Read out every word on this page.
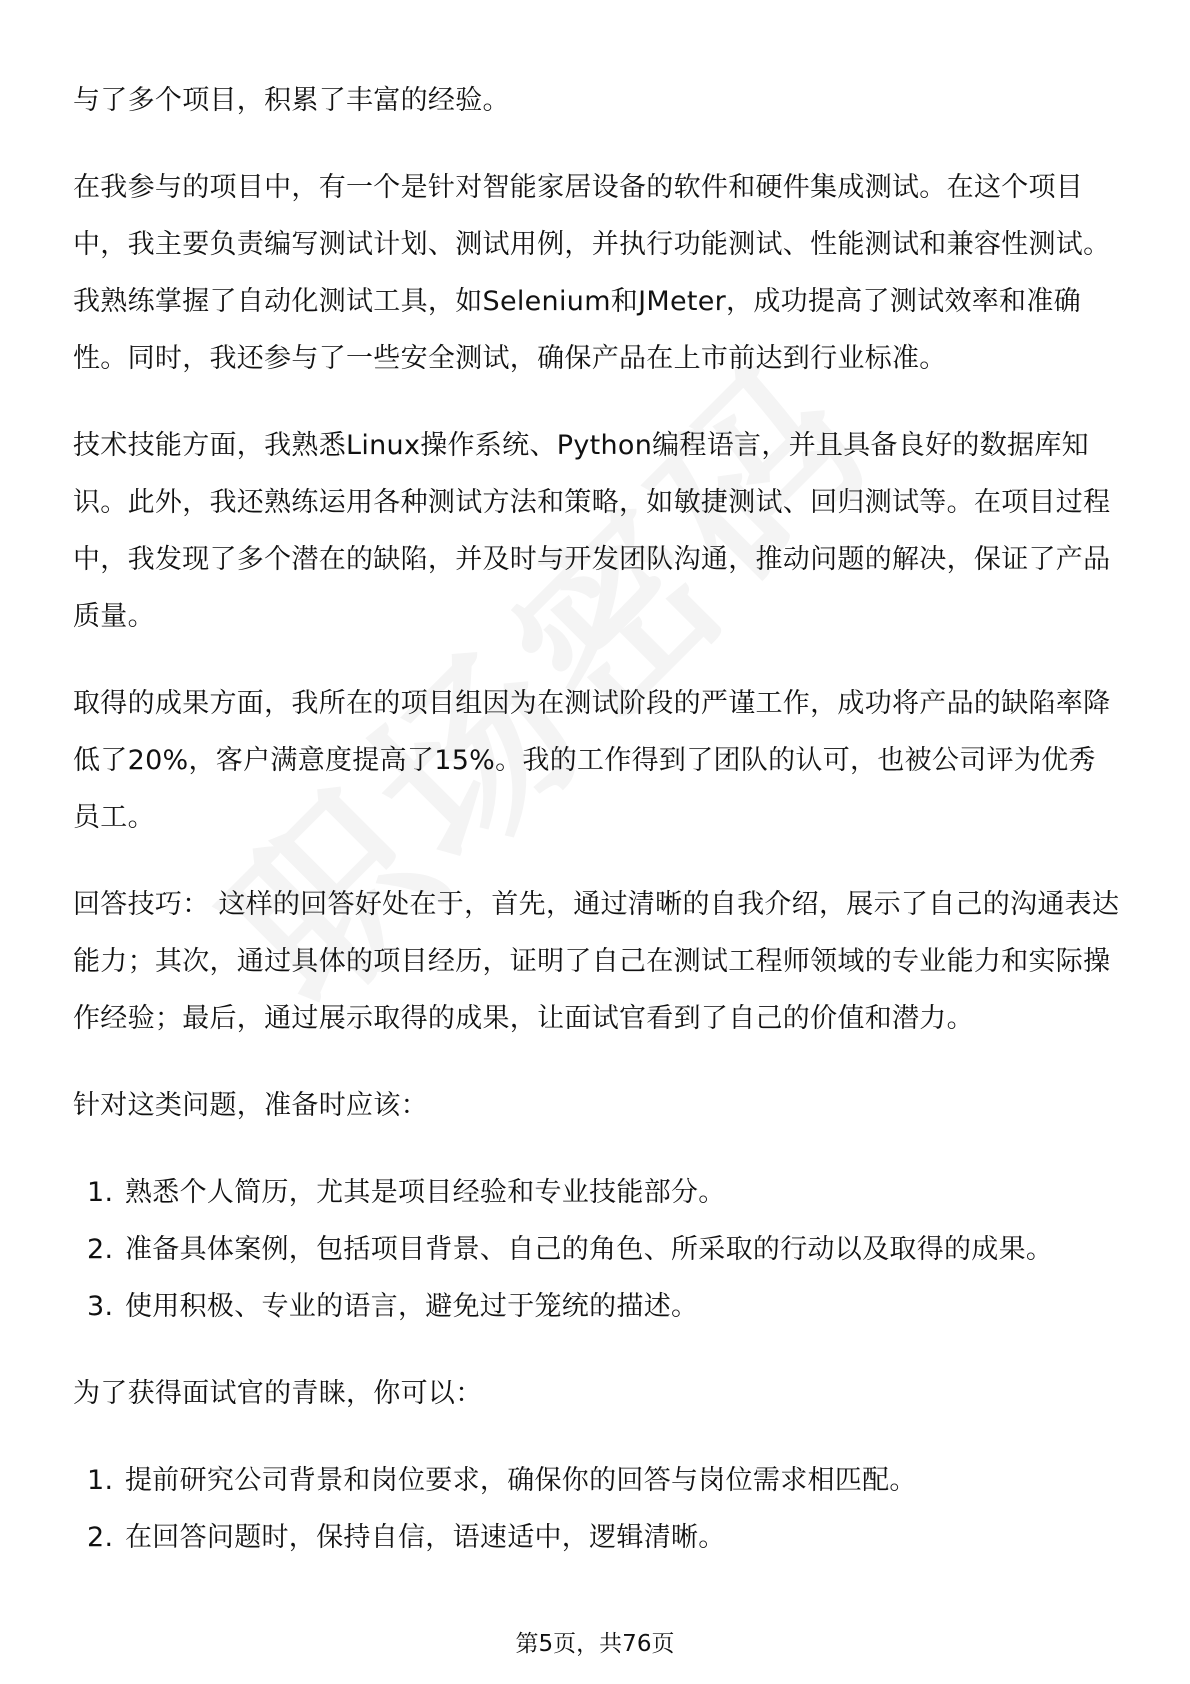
与了多个项目，积累了丰富的经验。

在我参与的项目中，有一个是针对智能家居设备的软件和硬件集成测试。在这个项目中，我主要负责编写测试计划、测试用例，并执行功能测试、性能测试和兼容性测试。我熟练掌握了自动化测试工具，如Selenium和JMeter，成功提高了测试效率和准确性。同时，我还参与了一些安全测试，确保产品在上市前达到行业标准。

技术技能方面，我熟悉Linux操作系统、Python编程语言，并且具备良好的数据库知识。此外，我还熟练运用各种测试方法和策略，如敏捷测试、回归测试等。在项目过程中，我发现了多个潜在的缺陷，并及时与开发团队沟通，推动问题的解决，保证了产品质量。

取得的成果方面，我所在的项目组因为在测试阶段的严谨工作，成功将产品的缺陷率降低了20%，客户满意度提高了15%。我的工作得到了团队的认可，也被公司评为优秀员工。

回答技巧： 这样的回答好处在于，首先，通过清晰的自我介绍，展示了自己的沟通表达能力；其次，通过具体的项目经历，证明了自己在测试工程师领域的专业能力和实际操作经验；最后，通过展示取得的成果，让面试官看到了自己的价值和潜力。

针对这类问题，准备时应该：

1. 熟悉个人简历，尤其是项目经验和专业技能部分。
2. 准备具体案例，包括项目背景、自己的角色、所采取的行动以及取得的成果。
3. 使用积极、专业的语言，避免过于笼统的描述。

为了获得面试官的青睐，你可以：

1. 提前研究公司背景和岗位要求，确保你的回答与岗位需求相匹配。
2. 在回答问题时，保持自信，语速适中，逻辑清晰。
第5页，共76页
